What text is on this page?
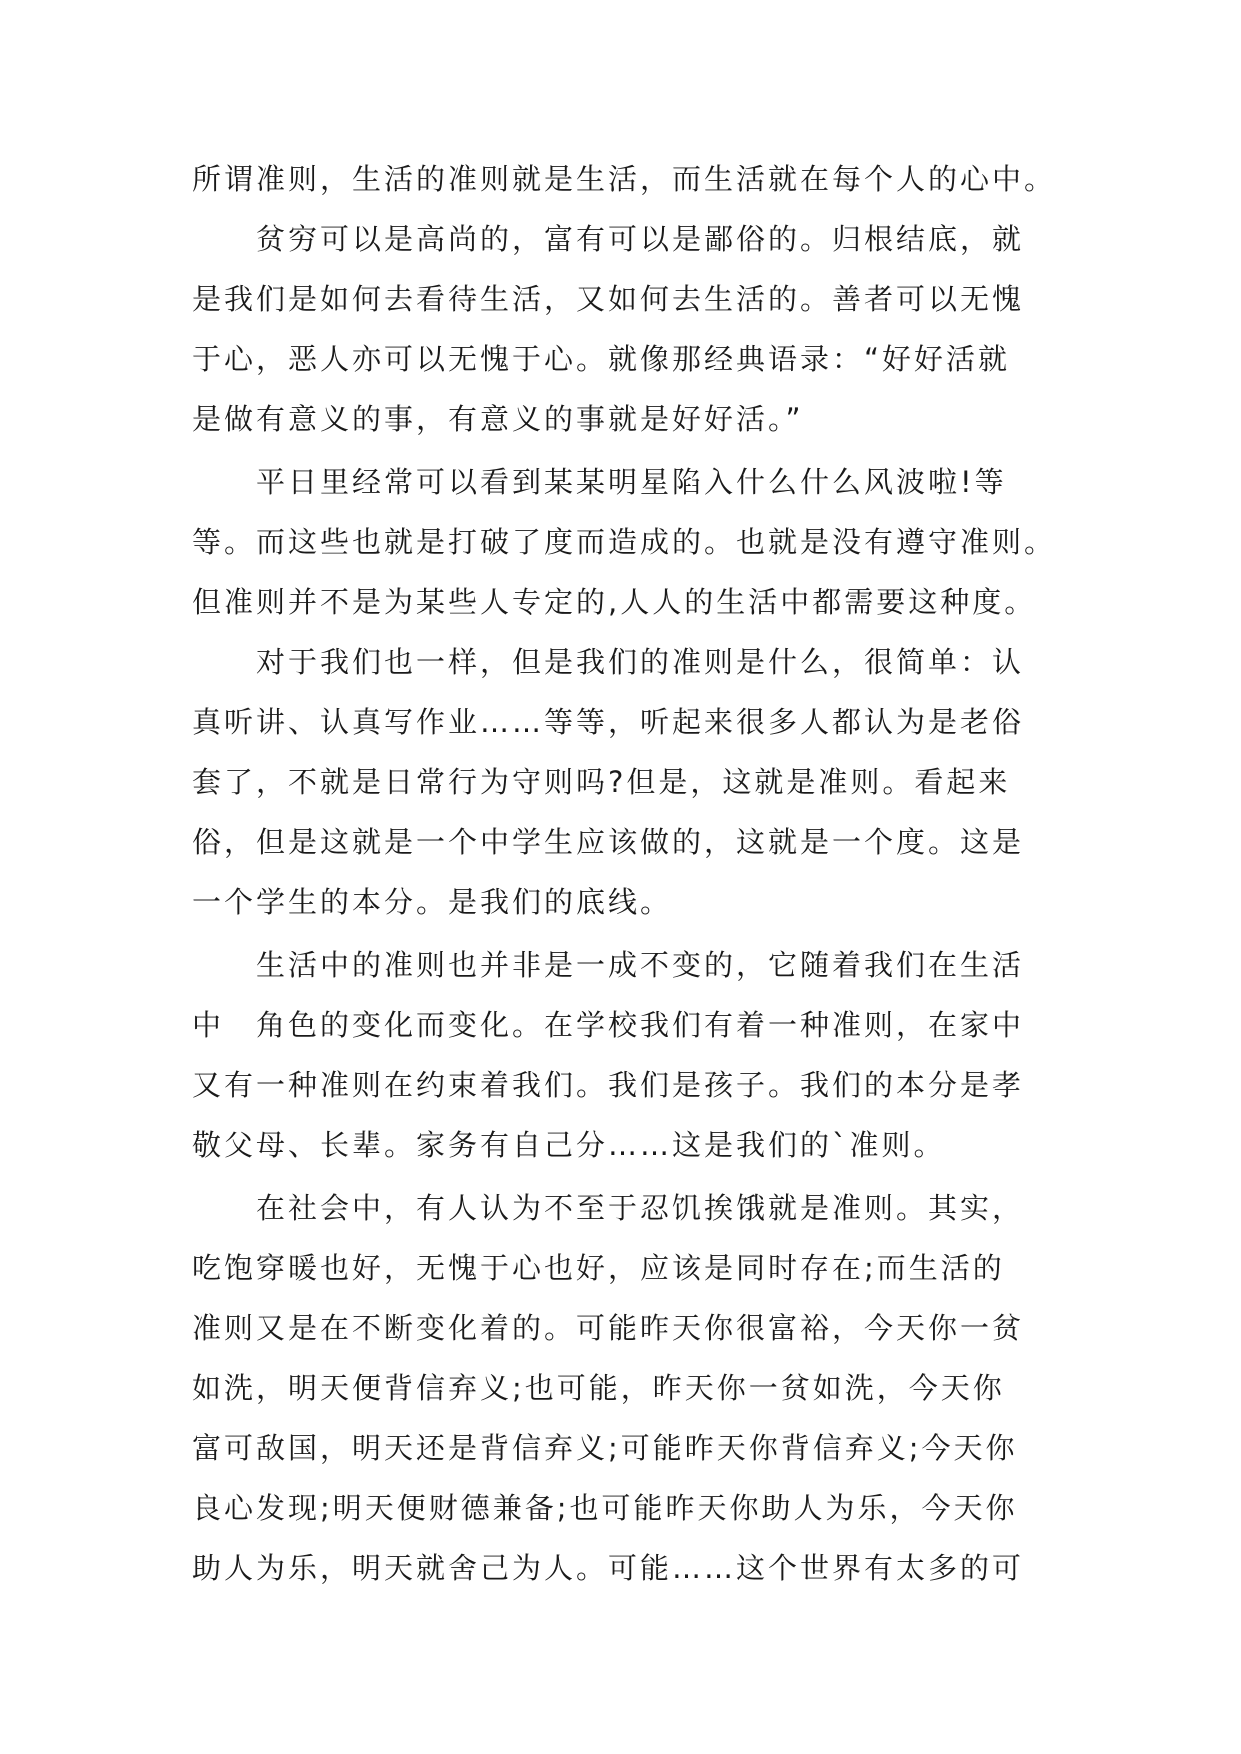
所谓准则，生活的准则就是生活，而生活就在每个人的心中。
贫穷可以是高尚的，富有可以是鄙俗的。归根结底，就
是我们是如何去看待生活，又如何去生活的。善者可以无愧
于心，恶人亦可以无愧于心。就像那经典语录：“好好活就
是做有意义的事，有意义的事就是好好活。”
平日里经常可以看到某某明星陷入什么什么风波啦!等
等。而这些也就是打破了度而造成的。也就是没有遵守准则。
但准则并不是为某些人专定的,人人的生活中都需要这种度。
对于我们也一样，但是我们的准则是什么，很简单：认
真听讲、认真写作业……等等，听起来很多人都认为是老俗
套了，不就是日常行为守则吗?但是，这就是准则。看起来
俗，但是这就是一个中学生应该做的，这就是一个度。这是
一个学生的本分。是我们的底线。
生活中的准则也并非是一成不变的，它随着我们在生活
中　角色的变化而变化。在学校我们有着一种准则，在家中
又有一种准则在约束着我们。我们是孩子。我们的本分是孝
敬父母、长辈。家务有自己分……这是我们的`准则。
在社会中，有人认为不至于忍饥挨饿就是准则。其实，
吃饱穿暖也好，无愧于心也好，应该是同时存在;而生活的
准则又是在不断变化着的。可能昨天你很富裕，今天你一贫
如洗，明天便背信弃义;也可能，昨天你一贫如洗，今天你
富可敌国，明天还是背信弃义;可能昨天你背信弃义;今天你
良心发现;明天便财德兼备;也可能昨天你助人为乐，今天你
助人为乐，明天就舍己为人。可能……这个世界有太多的可
